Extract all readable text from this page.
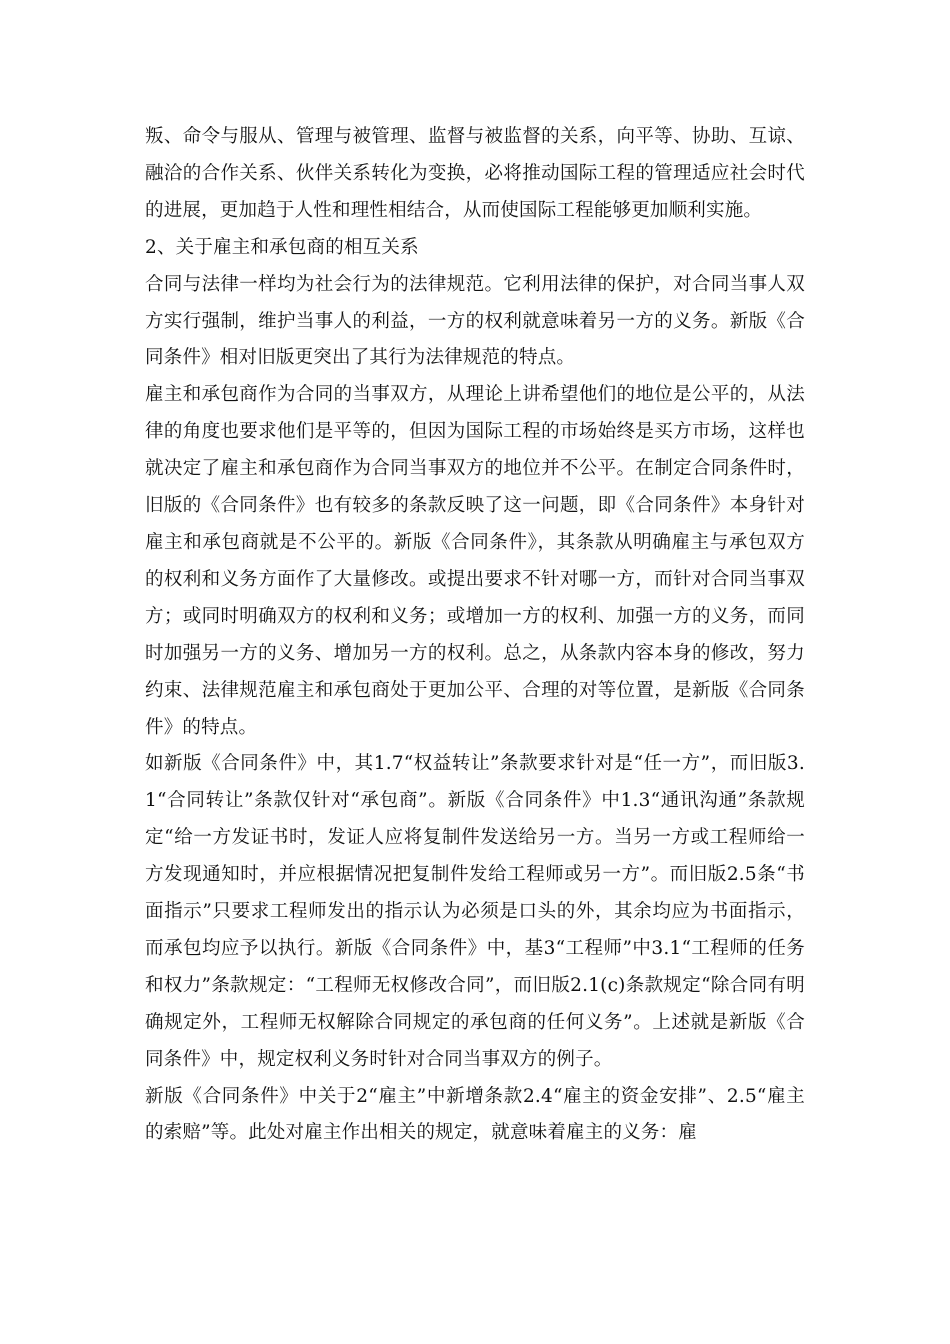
叛、命令与服从、管理与被管理、监督与被监督的关系，向平等、协助、互谅、融洽的合作关系、伙伴关系转化为变换，必将推动国际工程的管理适应社会时代的进展，更加趋于人性和理性相结合，从而使国际工程能够更加顺利实施。

2、关于雇主和承包商的相互关系

合同与法律一样均为社会行为的法律规范。它利用法律的保护，对合同当事人双方实行强制，维护当事人的利益，一方的权利就意味着另一方的义务。新版《合同条件》相对旧版更突出了其行为法律规范的特点。

雇主和承包商作为合同的当事双方，从理论上讲希望他们的地位是公平的，从法律的角度也要求他们是平等的，但因为国际工程的市场始终是买方市场，这样也就决定了雇主和承包商作为合同当事双方的地位并不公平。在制定合同条件时，旧版的《合同条件》也有较多的条款反映了这一问题，即《合同条件》本身针对雇主和承包商就是不公平的。新版《合同条件》，其条款从明确雇主与承包双方的权利和义务方面作了大量修改。或提出要求不针对哪一方，而针对合同当事双方；或同时明确双方的权利和义务；或增加一方的权利、加强一方的义务，而同时加强另一方的义务、增加另一方的权利。总之，从条款内容本身的修改，努力约束、法律规范雇主和承包商处于更加公平、合理的对等位置，是新版《合同条件》的特点。

如新版《合同条件》中，其1.7“权益转让”条款要求针对是“任一方”，而旧版3.1“合同转让”条款仅针对“承包商”。新版《合同条件》中1.3“通讯沟通”条款规定“给一方发证书时，发证人应将复制件发送给另一方。当另一方或工程师给一方发现通知时，并应根据情况把复制件发给工程师或另一方”。而旧版2.5条“书面指示”只要求工程师发出的指示认为必须是口头的外，其余均应为书面指示，而承包均应予以执行。新版《合同条件》中，基3“工程师”中3.1“工程师的任务和权力”条款规定：“工程师无权修改合同”，而旧版2.1(c)条款规定“除合同有明确规定外，工程师无权解除合同规定的承包商的任何义务”。上述就是新版《合同条件》中，规定权利义务时针对合同当事双方的例子。

新版《合同条件》中关于2“雇主”中新增条款2.4“雇主的资金安排”、2.5“雇主的索赔”等。此处对雇主作出相关的规定，就意味着雇主的义务：雇
